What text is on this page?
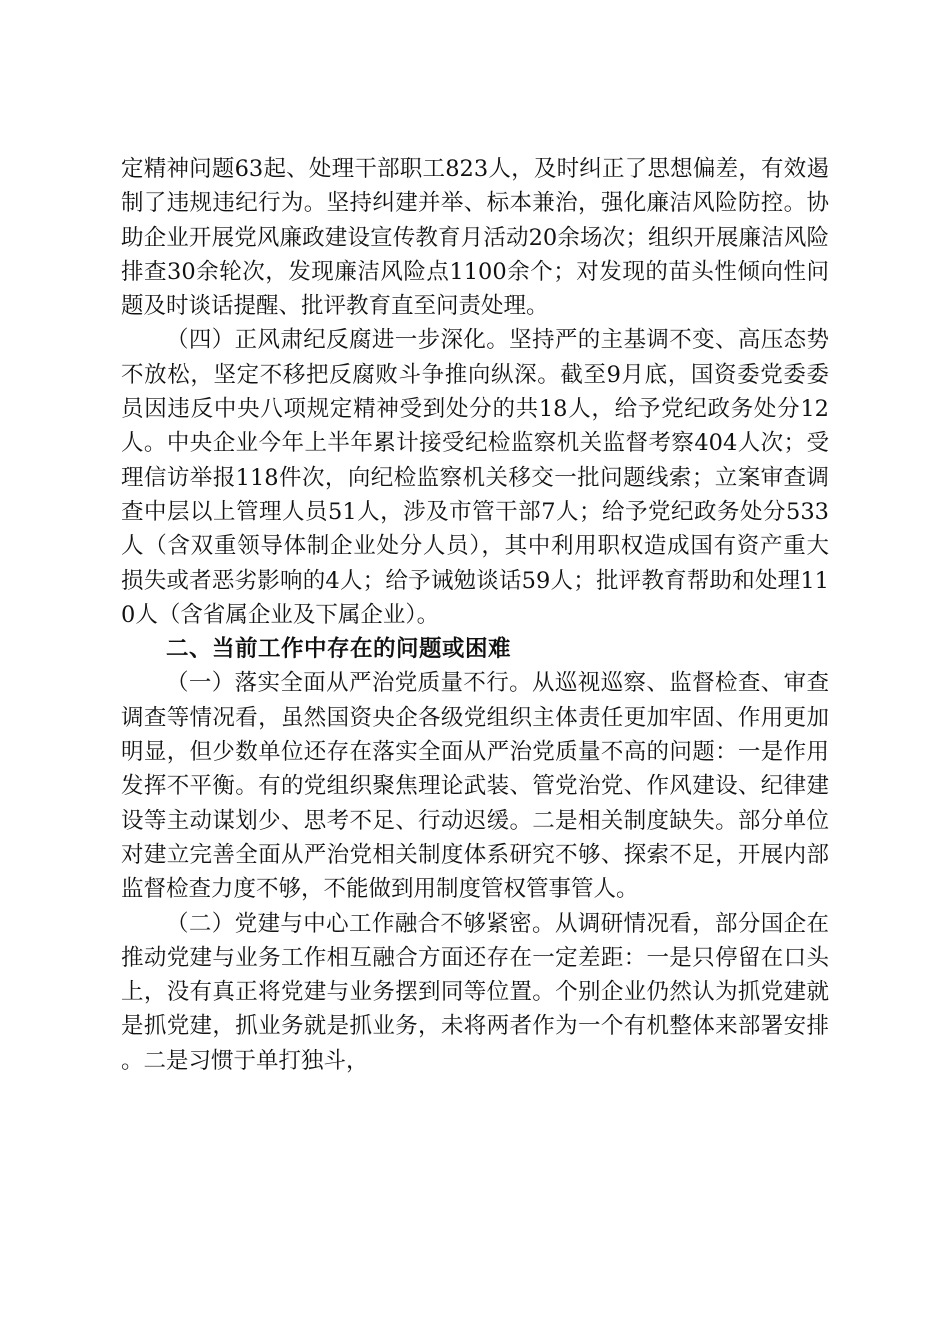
定精神问题63起、处理干部职工823人，及时纠正了思想偏差，有效遏制了违规违纪行为。坚持纠建并举、标本兼治，强化廉洁风险防控。协助企业开展党风廉政建设宣传教育月活动20余场次；组织开展廉洁风险排查30余轮次，发现廉洁风险点1100余个；对发现的苗头性倾向性问题及时谈话提醒、批评教育直至问责处理。

（四）正风肃纪反腐进一步深化。坚持严的主基调不变、高压态势不放松，坚定不移把反腐败斗争推向纵深。截至9月底，国资委党委委员因违反中央八项规定精神受到处分的共18人，给予党纪政务处分12人。中央企业今年上半年累计接受纪检监察机关监督考察404人次；受理信访举报118件次，向纪检监察机关移交一批问题线索；立案审查调查中层以上管理人员51人，涉及市管干部7人；给予党纪政务处分533人（含双重领导体制企业处分人员），其中利用职权造成国有资产重大损失或者恶劣影响的4人；给予诫勉谈话59人；批评教育帮助和处理110人（含省属企业及下属企业）。

二、当前工作中存在的问题或困难

（一）落实全面从严治党质量不行。从巡视巡察、监督检查、审查调查等情况看，虽然国资央企各级党组织主体责任更加牢固、作用更加明显，但少数单位还存在落实全面从严治党质量不高的问题：一是作用发挥不平衡。有的党组织聚焦理论武装、管党治党、作风建设、纪律建设等主动谋划少、思考不足、行动迟缓。二是相关制度缺失。部分单位对建立完善全面从严治党相关制度体系研究不够、探索不足，开展内部监督检查力度不够，不能做到用制度管权管事管人。

（二）党建与中心工作融合不够紧密。从调研情况看，部分国企在推动党建与业务工作相互融合方面还存在一定差距：一是只停留在口头上，没有真正将党建与业务摆到同等位置。个别企业仍然认为抓党建就是抓党建，抓业务就是抓业务，未将两者作为一个有机整体来部署安排。二是习惯于单打独斗，
